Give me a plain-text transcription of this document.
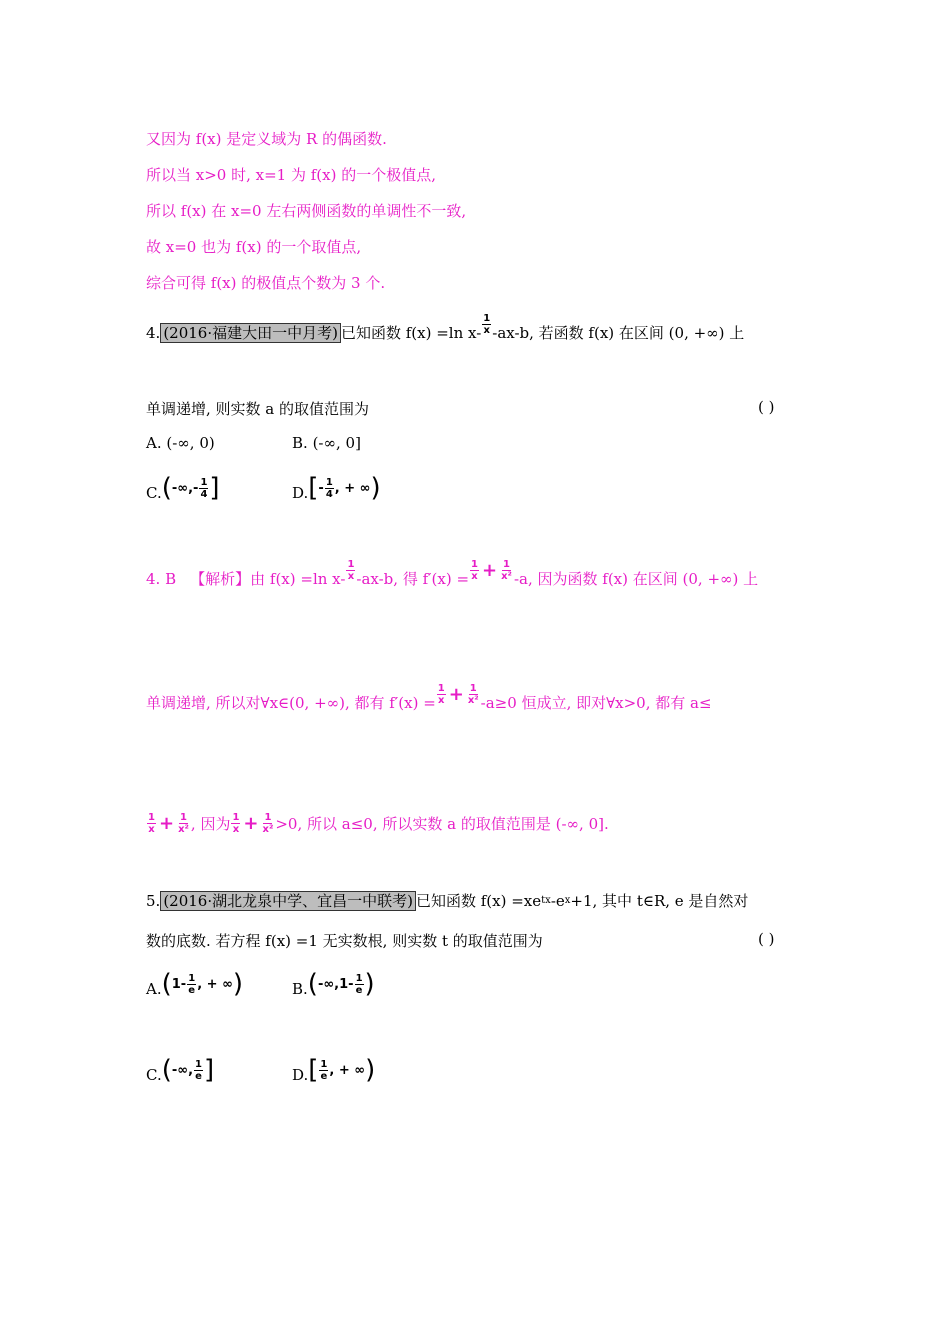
又因为 f(x) 是定义域为 R 的偶函数.
所以当 x>0 时, x=1 为 f(x) 的一个极值点,
所以 f(x) 在 x=0 左右两侧函数的单调性不一致,
故 x=0 也为 f(x) 的一个取值点,
综合可得 f(x) 的极值点个数为 3 个.
4. (2016·福建大田一中月考) 已知函数 f(x) =ln $x- \frac{1}{x} -ax-b$, 若函数 f(x) 在区间 (0, +∞) 上
单调递增, 则实数 a 的取值范围为	( )
A. (-∞, 0)	B. (-∞, 0]
C. ( -∞,- $\frac{1}{4}$ ]	D. [ - $\frac{1}{4}$ , + ∞ )
4. B 【解析】 由 f(x) =ln $x- \frac{1}{x} -ax-b$, 得 $f'(x) = \frac{1}{x} + \frac{1}{\text{x²}} -a$, 因为函数 f(x) 在区间 (0, +∞) 上
单调递增, 所以对∀x∈(0, +∞), 都有 $f'(x) = \frac{1}{x} + \frac{1}{\text{x²}} -a\ge 0$ 恒成立, 即对∀x>0, 都有 a≤
$\frac{1}{x} + \frac{1}{\text{x²}}$ , 因为 $\frac{1}{x} + \frac{1}{\text{x²}} >0$, 所以 a≤0, 所以实数 a 的取值范围是 (-∞, 0].
5. (2016·湖北龙泉中学、宜昌一中联考) 已知函数 f(x) =xe tx -e x +1, 其中 t∈R, e 是自然对
数的底数. 若方程 f(x) =1 无实数根, 则实数 t 的取值范围为	( )
A. ( $1- \frac{1}{e}$ , + ∞ )	B. ( $-\infty,1- \frac{1}{e}$ )
C. ( -∞, $\frac{1}{e}$ ]	D. [ $\frac{1}{e}$ , + ∞ )
